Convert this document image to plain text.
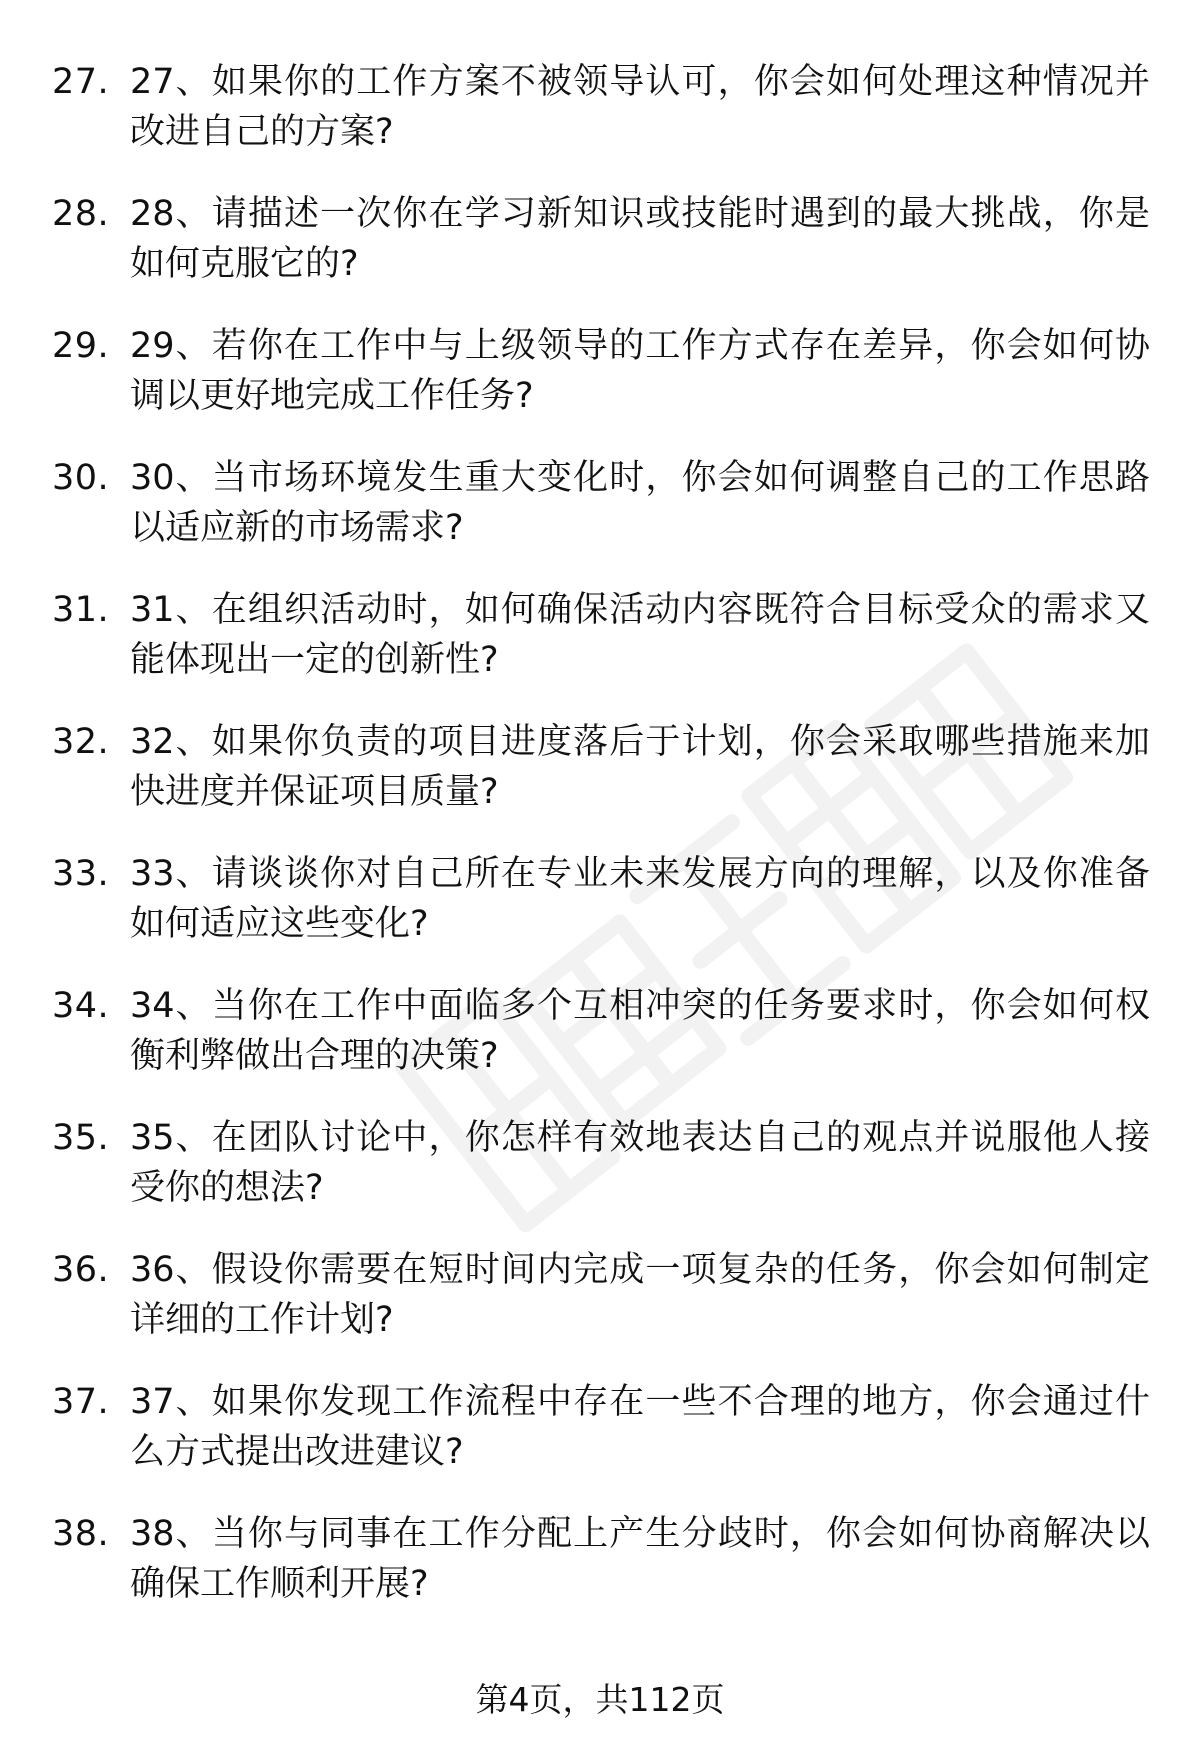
27. 27、如果你的工作方案不被领导认可，你会如何处理这种情况并改进自己的方案?
28. 28、请描述一次你在学习新知识或技能时遇到的最大挑战，你是如何克服它的?
29. 29、若你在工作中与上级领导的工作方式存在差异，你会如何协调以更好地完成工作任务?
30. 30、当市场环境发生重大变化时，你会如何调整自己的工作思路以适应新的市场需求?
31. 31、在组织活动时，如何确保活动内容既符合目标受众的需求又能体现出一定的创新性?
32. 32、如果你负责的项目进度落后于计划，你会采取哪些措施来加快进度并保证项目质量?
33. 33、请谈谈你对自己所在专业未来发展方向的理解，以及你准备如何适应这些变化?
34. 34、当你在工作中面临多个互相冲突的任务要求时，你会如何权衡利弊做出合理的决策?
35. 35、在团队讨论中，你怎样有效地表达自己的观点并说服他人接受你的想法?
36. 36、假设你需要在短时间内完成一项复杂的任务，你会如何制定详细的工作计划?
37. 37、如果你发现工作流程中存在一些不合理的地方，你会通过什么方式提出改进建议?
38. 38、当你与同事在工作分配上产生分歧时，你会如何协商解决以确保工作顺利开展?
第4页，共112页
